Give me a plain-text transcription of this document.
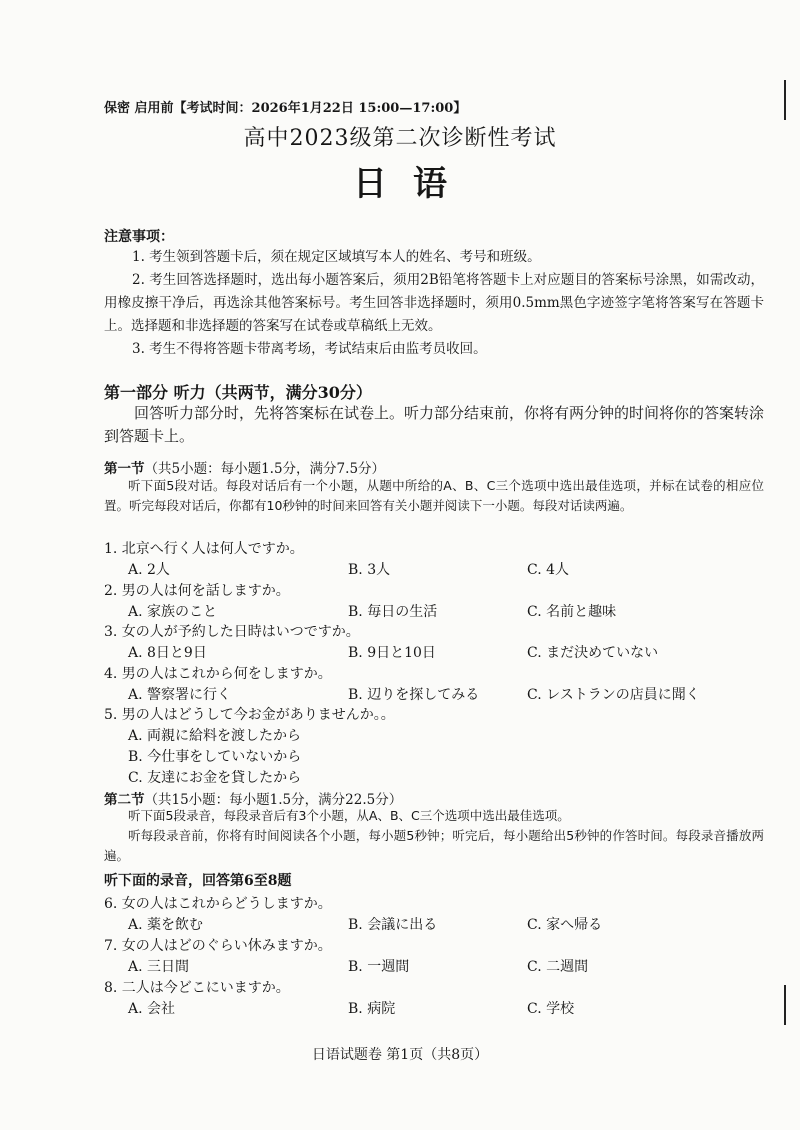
保密 启用前【考试时间：2026年1月22日 15:00—17:00】
高中2023级第二次诊断性考试
日语
注意事项：

1. 考生领到答题卡后，须在规定区域填写本人的姓名、考号和班级。

2. 考生回答选择题时，选出每小题答案后，须用2B铅笔将答题卡上对应题目的答案标号涂黑，如需改动，用橡皮擦干净后，再选涂其他答案标号。考生回答非选择题时，须用0.5mm黑色字迹签字笔将答案写在答题卡上。选择题和非选择题的答案写在试卷或草稿纸上无效。

3. 考生不得将答题卡带离考场，考试结束后由监考员收回。

第一部分 听力（共两节，满分30分）

回答听力部分时，先将答案标在试卷上。听力部分结束前，你将有两分钟的时间将你的答案转涂到答题卡上。

第一节（共5小题：每小题1.5分，满分7.5分）

听下面5段对话。每段对话后有一个小题，从题中所给的A、B、C三个选项中选出最佳选项，并标在试卷的相应位置。听完每段对话后，你都有10秒钟的时间来回答有关小题并阅读下一小题。每段对话读两遍。

1. 北京へ行く人は何人ですか。
A. 2人	B. 3人	C. 4人
2. 男の人は何を話しますか。
A. 家族のこと	B. 毎日の生活	C. 名前と趣味
3. 女の人が予約した日時はいつですか。
A. 8日と9日	B. 9日と10日	C. まだ決めていない
4. 男の人はこれから何をしますか。
A. 警察署に行く	B. 辺りを探してみる	C. レストランの店員に聞く
5. 男の人はどうして今お金がありませんか。。
A. 両親に給料を渡したから
B. 今仕事をしていないから
C. 友達にお金を貸したから
第二节（共15小题：每小题1.5分，满分22.5分）

听下面5段录音，每段录音后有3个小题，从A、B、C三个选项中选出最佳选项。

听每段录音前，你将有时间阅读各个小题，每小题5秒钟；听完后，每小题给出5秒钟的作答时间。每段录音播放两遍。

听下面的录音，回答第6至8题
6. 女の人はこれからどうしますか。
A. 薬を飲む	B. 会議に出る	C. 家へ帰る
7. 女の人はどのぐらい休みますか。
A. 三日間	B. 一週間	C. 二週間
8. 二人は今どこにいますか。
A. 会社	B. 病院	C. 学校
日语试题卷 第1页（共8页）
